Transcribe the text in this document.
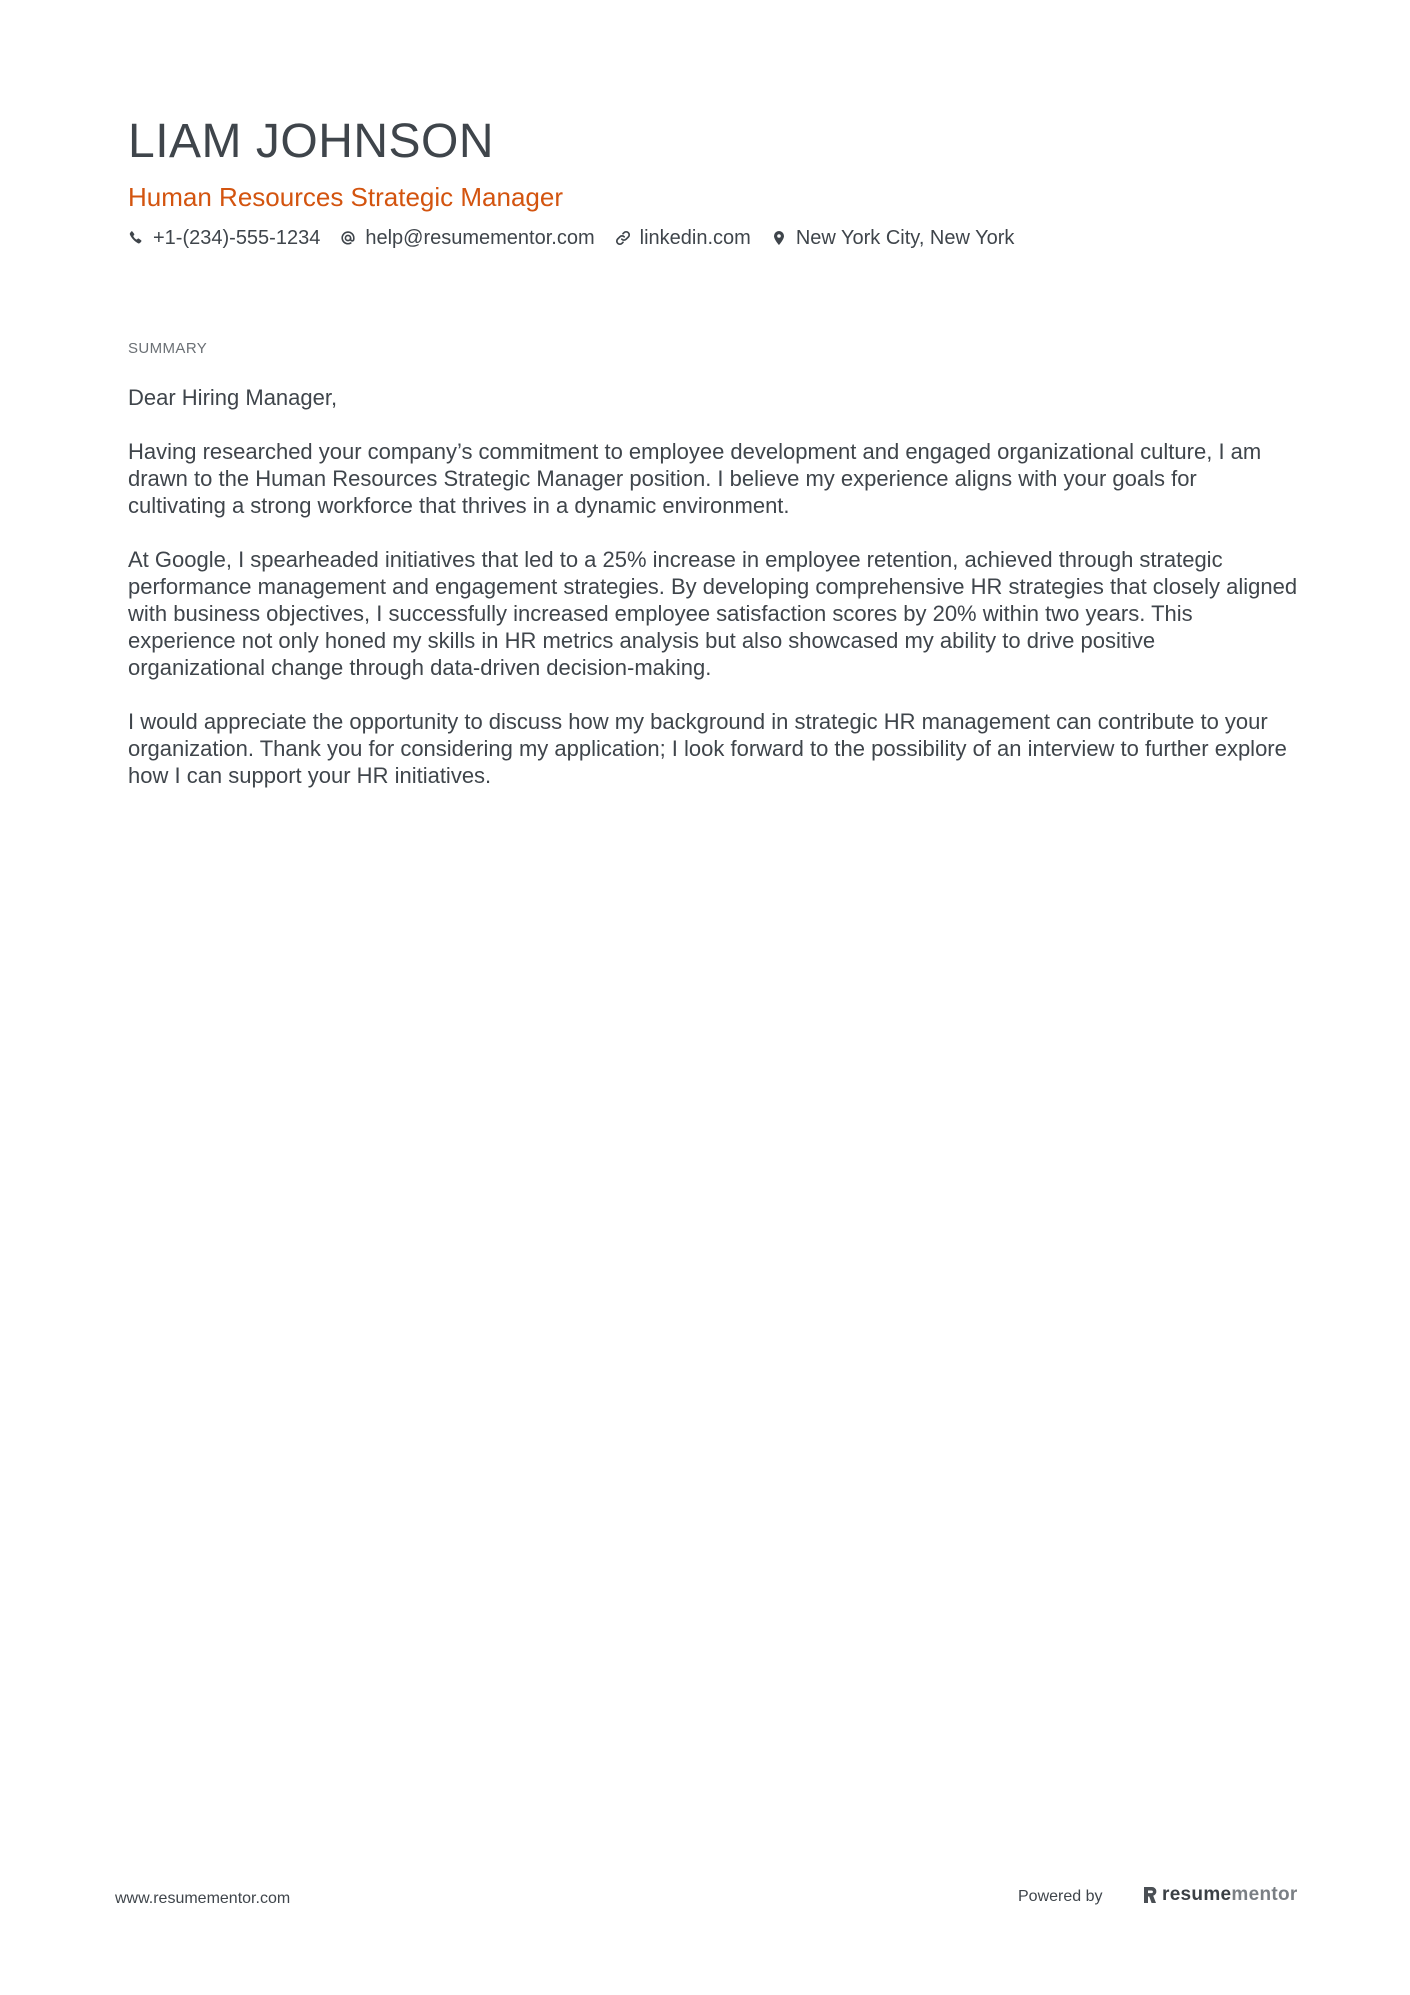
LIAM JOHNSON
Human Resources Strategic Manager
+1-(234)-555-1234 help@resumementor.com linkedin.com New York City, New York
SUMMARY

Dear Hiring Manager,

Having researched your company’s commitment to employee development and engaged organizational culture, I am drawn to the Human Resources Strategic Manager position. I believe my experience aligns with your goals for cultivating a strong workforce that thrives in a dynamic environment.

At Google, I spearheaded initiatives that led to a 25% increase in employee retention, achieved through strategic performance management and engagement strategies. By developing comprehensive HR strategies that closely aligned with business objectives, I successfully increased employee satisfaction scores by 20% within two years. This experience not only honed my skills in HR metrics analysis but also showcased my ability to drive positive organizational change through data-driven decision-making.

I would appreciate the opportunity to discuss how my background in strategic HR management can contribute to your organization. Thank you for considering my application; I look forward to the possibility of an interview to further explore how I can support your HR initiatives.

www.resumementor.com	Powered by	resume mentor
